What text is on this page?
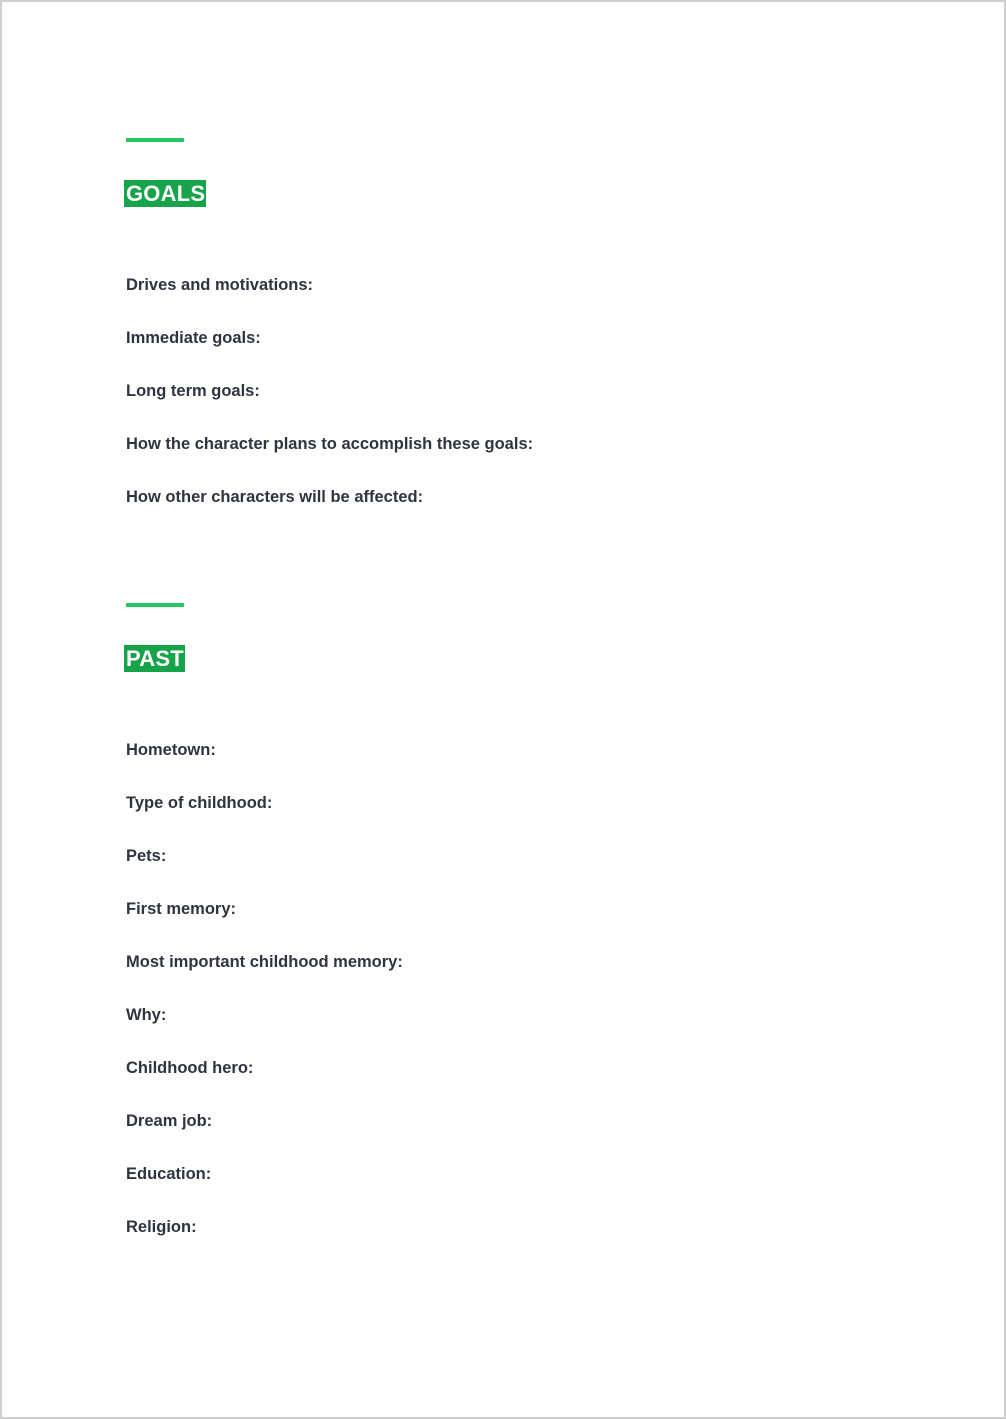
GOALS
Drives and motivations:
Immediate goals:
Long term goals:
How the character plans to accomplish these goals:
How other characters will be affected:
PAST
Hometown:
Type of childhood:
Pets:
First memory:
Most important childhood memory:
Why:
Childhood hero:
Dream job:
Education:
Religion:
